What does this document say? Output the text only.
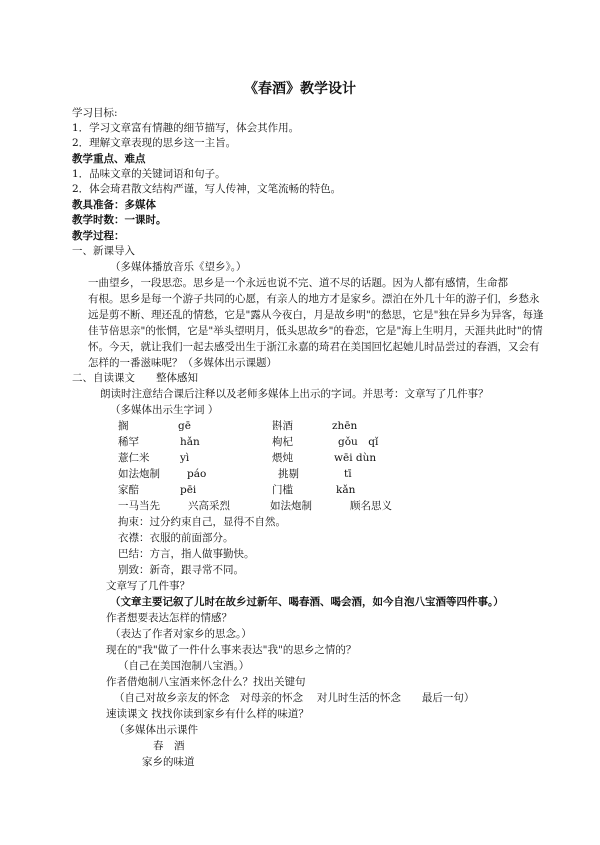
《春酒》教学设计
学习目标:
1．学习文章富有情趣的细节描写，体会其作用。
2．理解文章表现的思乡这一主旨。
教学重点、难点
1．品味文章的关键词语和句子。
2．体会琦君散文结构严谨，写人传神，文笔流畅的特色。
教具准备：多媒体
教学时数：一课时。
教学过程：
一、新课导入
（多媒体播放音乐《望乡》。）
一曲望乡，一段思恋。思乡是一个永远也说不完、道不尽的话题。因为人都有感情，生命都
有根。思乡是每一个游子共同的心愿，有亲人的地方才是家乡。漂泊在外几十年的游子们，乡愁永
远是剪不断、理还乱的情愁，它是"露从今夜白，月是故乡明"的愁思，它是"独在异乡为异客，每逢
佳节倍思亲"的怅惘，它是"举头望明月，低头思故乡"的眷恋，它是"海上生明月，天涯共此时"的情
怀。今天，就让我们一起去感受出生于浙江永嘉的琦君在美国回忆起她儿时品尝过的春酒，又会有
怎样的一番滋味呢？（多媒体出示课题）
二、自读课文　　整体感知
朗读时注意结合课后注释以及老师多媒体上出示的字词。并思考：文章写了几件事？
（多媒体出示生字词 ）
搁	gē	斟酒	zhēn
稀罕	hǎn	枸杞	gǒu　qǐ
薏仁米	yì	煨炖	wēi dùn
如法炮制	páo	挑剔	tī
家醅	pēi	门槛	kǎn
一马当先	兴高采烈	如法炮制	顾名思义
拘束：过分约束自己，显得不自然。
衣襟：衣服的前面部分。
巴结：方言，指人做事勤快。
别致：新奇，跟寻常不同。
文章写了几件事？
（文章主要记叙了儿时在故乡过新年、喝春酒、喝会酒，如今自泡八宝酒等四件事。）
作者想要表达怎样的情感？
（表达了作者对家乡的思念。）
现在的"我"做了一件什么事来表达"我"的思乡之情的？
（自己在美国泡制八宝酒。）
作者借炮制八宝酒来怀念什么？找出关键句
（自己对故乡亲友的怀念　对母亲的怀念　 对儿时生活的怀念　　最后一句）
速读课文 找找你读到家乡有什么样的味道？
（多媒体出示课件
春　酒
家乡的味道
